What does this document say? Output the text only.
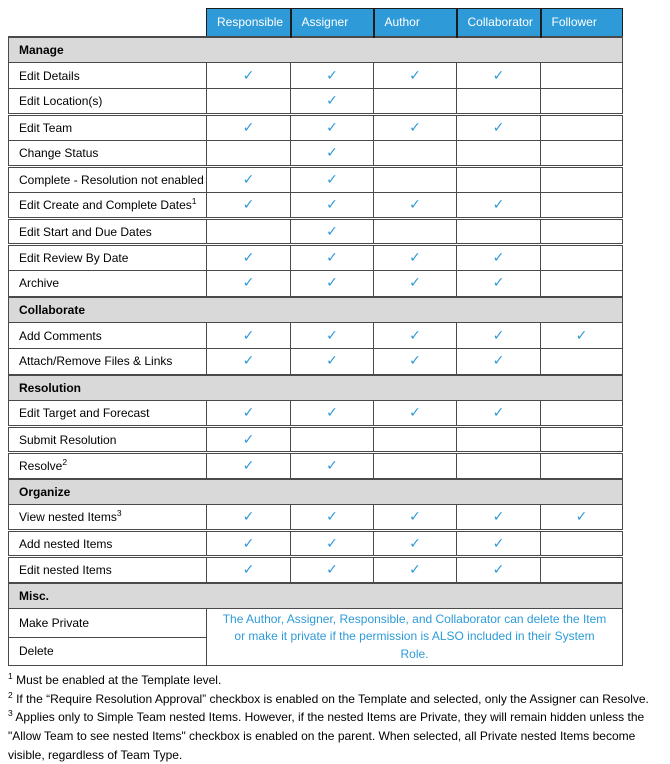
	Responsible	Assigner	Author	Collaborator	Follower
Manage					
Edit Details	✓	✓	✓	✓	
Edit Location(s)		✓			
Edit Team	✓	✓	✓	✓	
Change Status		✓			
Complete - Resolution not enabled	✓	✓			
Edit Create and Complete Dates$^1$	✓	✓	✓	✓	
Edit Start and Due Dates		✓			
Edit Review By Date	✓	✓	✓	✓	
Archive	✓	✓	✓	✓	
Collaborate					
Add Comments	✓	✓	✓	✓	✓
Attach/Remove Files & Links	✓	✓	✓	✓	
Resolution					
Edit Target and Forecast	✓	✓	✓	✓	
Submit Resolution	✓				
Resolve$^2$	✓	✓			
Organize					
View nested Items$^3$	✓	✓	✓	✓	✓
Add nested Items	✓	✓	✓	✓	
Edit nested Items	✓	✓	✓	✓	
Misc.					
Make Private	The Author, Assigner, Responsible, and Collaborator can delete the Item or make it private if the permission is ALSO included in their System Role.				
Delete					

$^1$ Must be enabled at the Template level.

$^2$ If the “Require Resolution Approval” checkbox is enabled on the Template and selected, only the Assigner can Resolve.

$^3$ Applies only to Simple Team nested Items. However, if the nested Items are Private, they will remain hidden unless the "Allow Team to see nested Items" checkbox is enabled on the parent. When selected, all Private nested Items become visible, regardless of Team Type.
